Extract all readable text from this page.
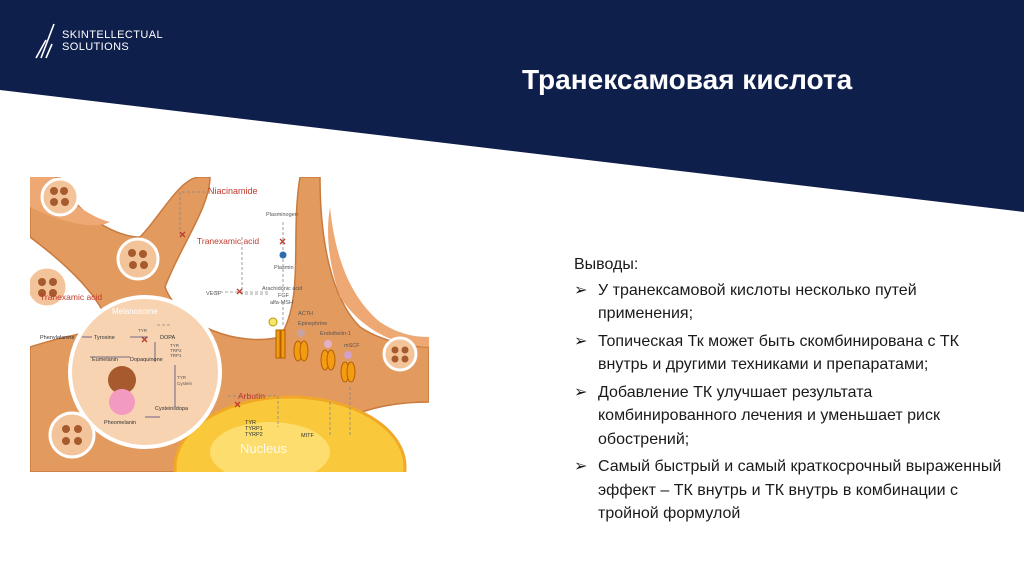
SKINTELLECTUAL
SOLUTIONS
Транексамовая кислота
Niacinamide
Tranexamic acid
Tranexamic acid
Melanosome
Plasminogen
Plasmin
VEGF
Arachidonic acid
FGF
alfa-MSH
ACTH
Epinephrine
Endothelin-1
mSCF
Phenylalanine	Tyrosine	DOPA
TYR
TYR
TRP2
TRP1
Eumelanin Dopaquinone
TYR
Cystein
Cysteinildopa
Pheomelanin
Arbutin
TYR
TYRP1
TYRP2	MITF
Nucleus
Выводы:
➢ У транексамовой кислоты несколько путей применения;
➢ Топическая Тк может быть скомбинирована с ТК внутрь и другими техниками и препаратами;
➢ Добавление ТК улучшает результата комбинированного лечения и уменьшает риск обострений;
➢ Самый быстрый и самый краткосрочный выраженный эффект – ТК внутрь и ТК внутрь в комбинации с тройной формулой
